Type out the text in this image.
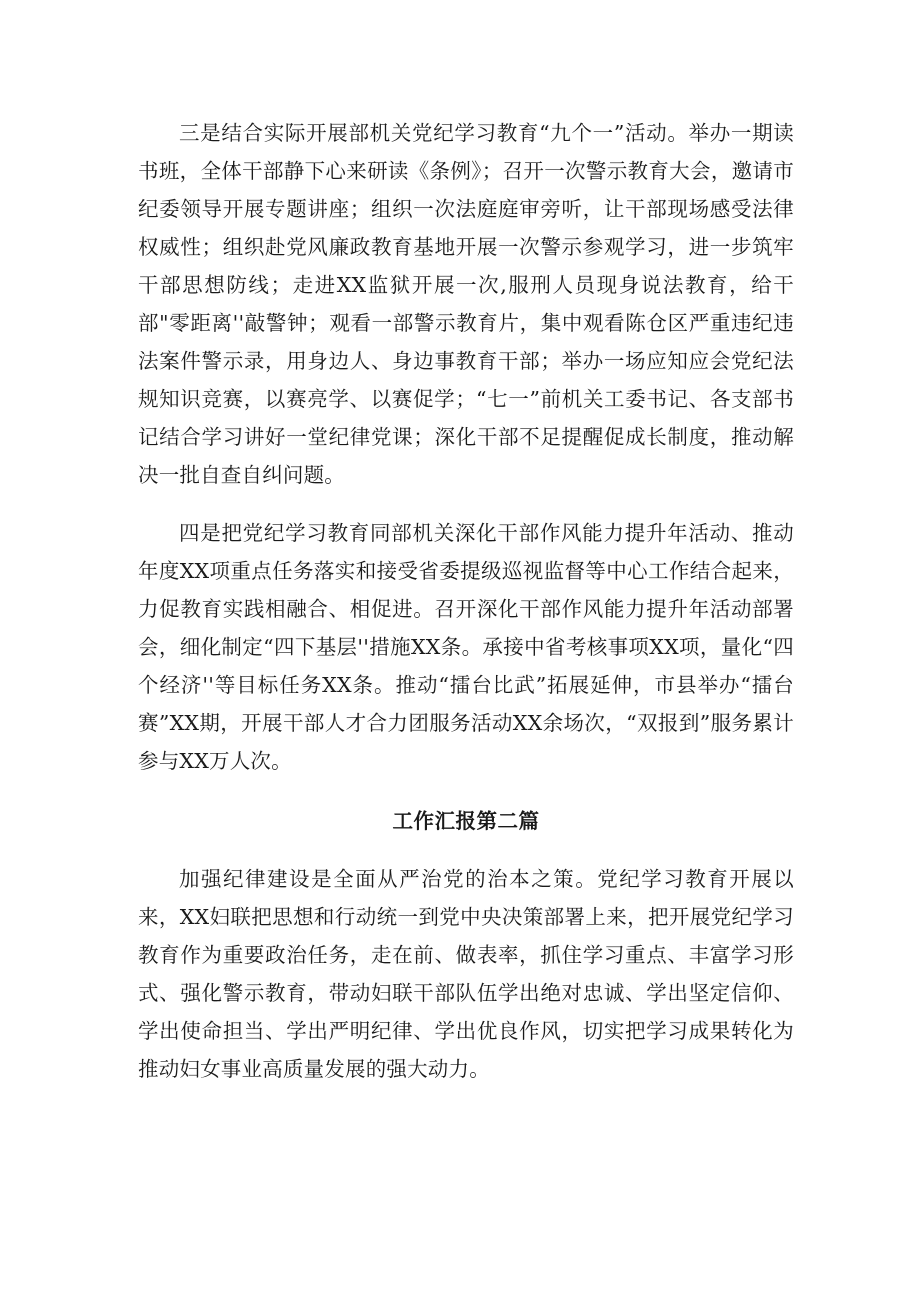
三是结合实际开展部机关党纪学习教育“九个一”活动。举办一期读书班，全体干部静下心来研读《条例》；召开一次警示教育大会，邀请市纪委领导开展专题讲座；组织一次法庭庭审旁听，让干部现场感受法律权威性；组织赴党风廉政教育基地开展一次警示参观学习，进一步筑牢干部思想防线；走进XX监狱开展一次,服刑人员现身说法教育，给干部"零距离''敲警钟；观看一部警示教育片，集中观看陈仓区严重违纪违法案件警示录，用身边人、身边事教育干部；举办一场应知应会党纪法规知识竞赛，以赛亮学、以赛促学；“七一”前机关工委书记、各支部书记结合学习讲好一堂纪律党课；深化干部不足提醒促成长制度，推动解决一批自查自纠问题。

四是把党纪学习教育同部机关深化干部作风能力提升年活动、推动年度XX项重点任务落实和接受省委提级巡视监督等中心工作结合起来，力促教育实践相融合、相促进。召开深化干部作风能力提升年活动部署会，细化制定“四下基层''措施XX条。承接中省考核事项XX项，量化“四个经济''等目标任务XX条。推动“擂台比武”拓展延伸，市县举办“擂台赛”XX期，开展干部人才合力团服务活动XX余场次，“双报到”服务累计参与XX万人次。

工作汇报第二篇

加强纪律建设是全面从严治党的治本之策。党纪学习教育开展以来，XX妇联把思想和行动统一到党中央决策部署上来，把开展党纪学习教育作为重要政治任务，走在前、做表率，抓住学习重点、丰富学习形式、强化警示教育，带动妇联干部队伍学出绝对忠诚、学出坚定信仰、学出使命担当、学出严明纪律、学出优良作风，切实把学习成果转化为推动妇女事业高质量发展的强大动力。
